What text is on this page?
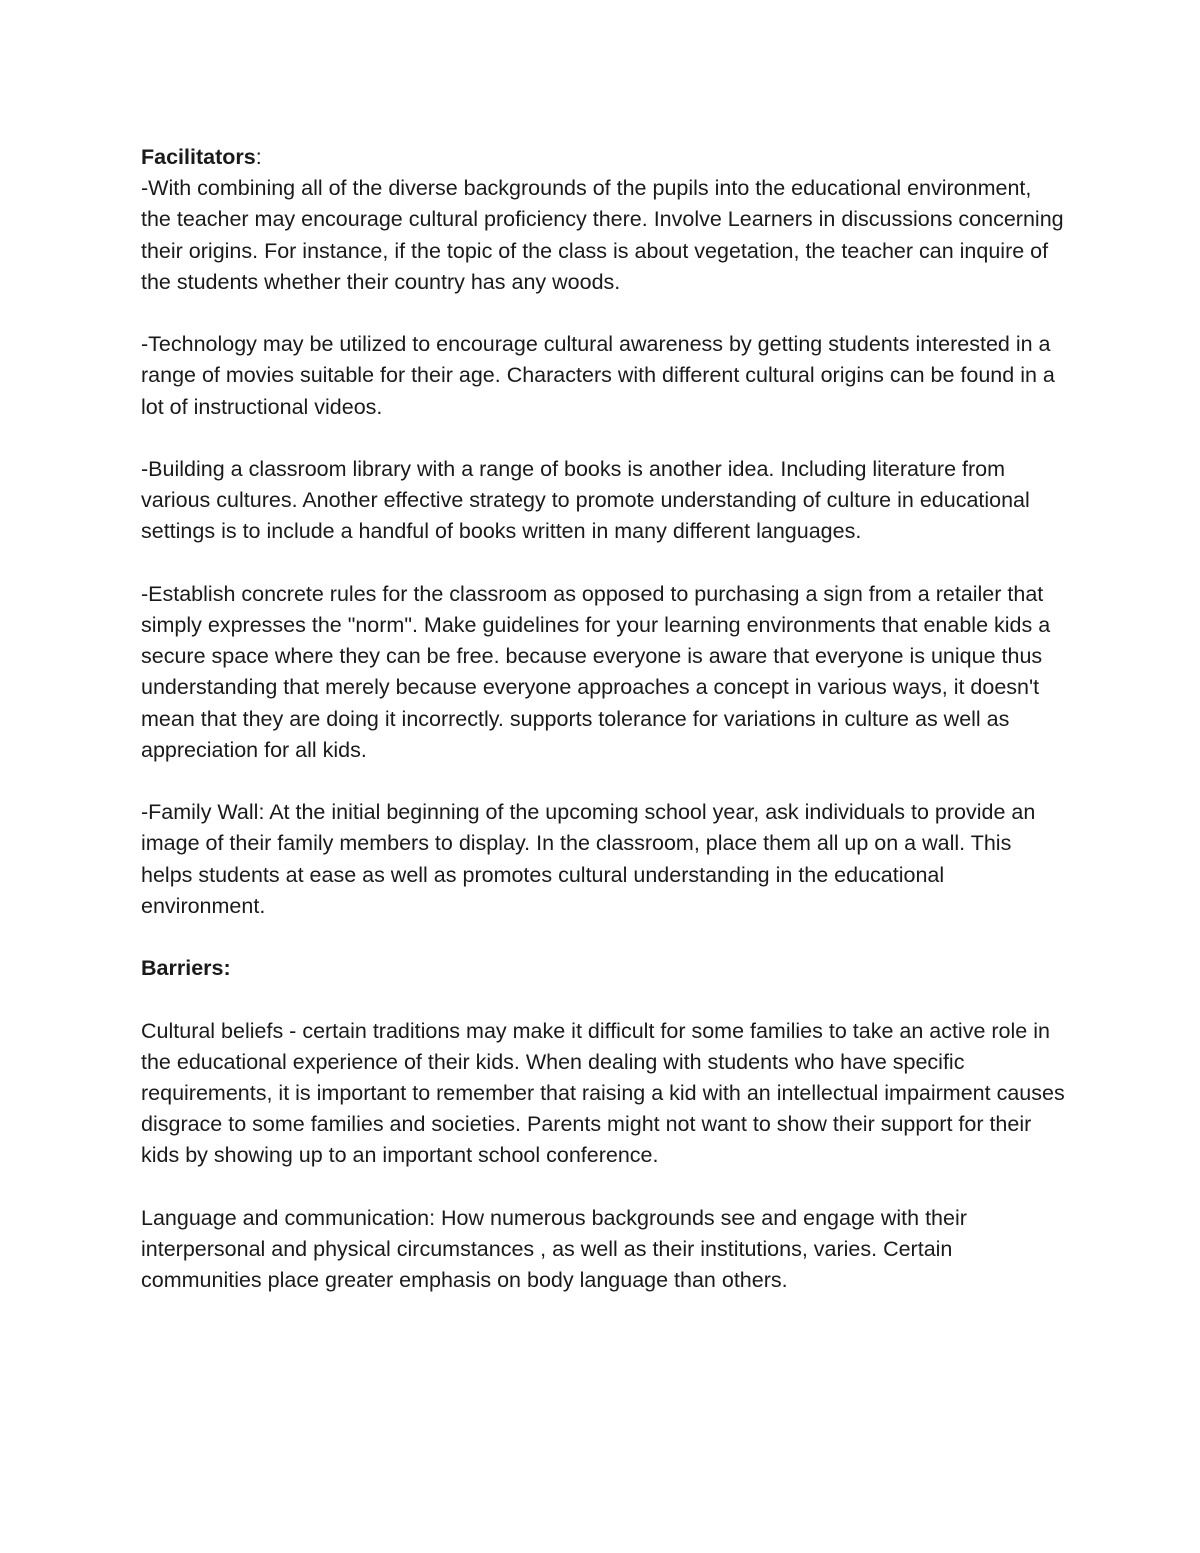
Facilitators:

-With combining all of the diverse backgrounds of the pupils into the educational environment, the teacher may encourage cultural proficiency there. Involve Learners in discussions concerning their origins. For instance, if the topic of the class is about vegetation, the teacher can inquire of the students whether their country has any woods.

-Technology may be utilized to encourage cultural awareness by getting students interested in a range of movies suitable for their age. Characters with different cultural origins can be found in a lot of instructional videos.

-Building a classroom library with a range of books is another idea. Including literature from various cultures. Another effective strategy to promote understanding of culture in educational settings is to include a handful of books written in many different languages.

-Establish concrete rules for the classroom as opposed to purchasing a sign from a retailer that simply expresses the "norm". Make guidelines for your learning environments that enable kids a secure space where they can be free. because everyone is aware that everyone is unique thus understanding that merely because everyone approaches a concept in various ways, it doesn't mean that they are doing it incorrectly. supports tolerance for variations in culture as well as appreciation for all kids.

-Family Wall: At the initial beginning of the upcoming school year, ask individuals to provide an image of their family members to display. In the classroom, place them all up on a wall. This helps students at ease as well as promotes cultural understanding in the educational environment.

Barriers:

Cultural beliefs - certain traditions may make it difficult for some families to take an active role in the educational experience of their kids. When dealing with students who have specific requirements, it is important to remember that raising a kid with an intellectual impairment causes disgrace to some families and societies. Parents might not want to show their support for their kids by showing up to an important school conference.

Language and communication: How numerous backgrounds see and engage with their interpersonal and physical circumstances , as well as their institutions, varies. Certain communities place greater emphasis on body language than others.
